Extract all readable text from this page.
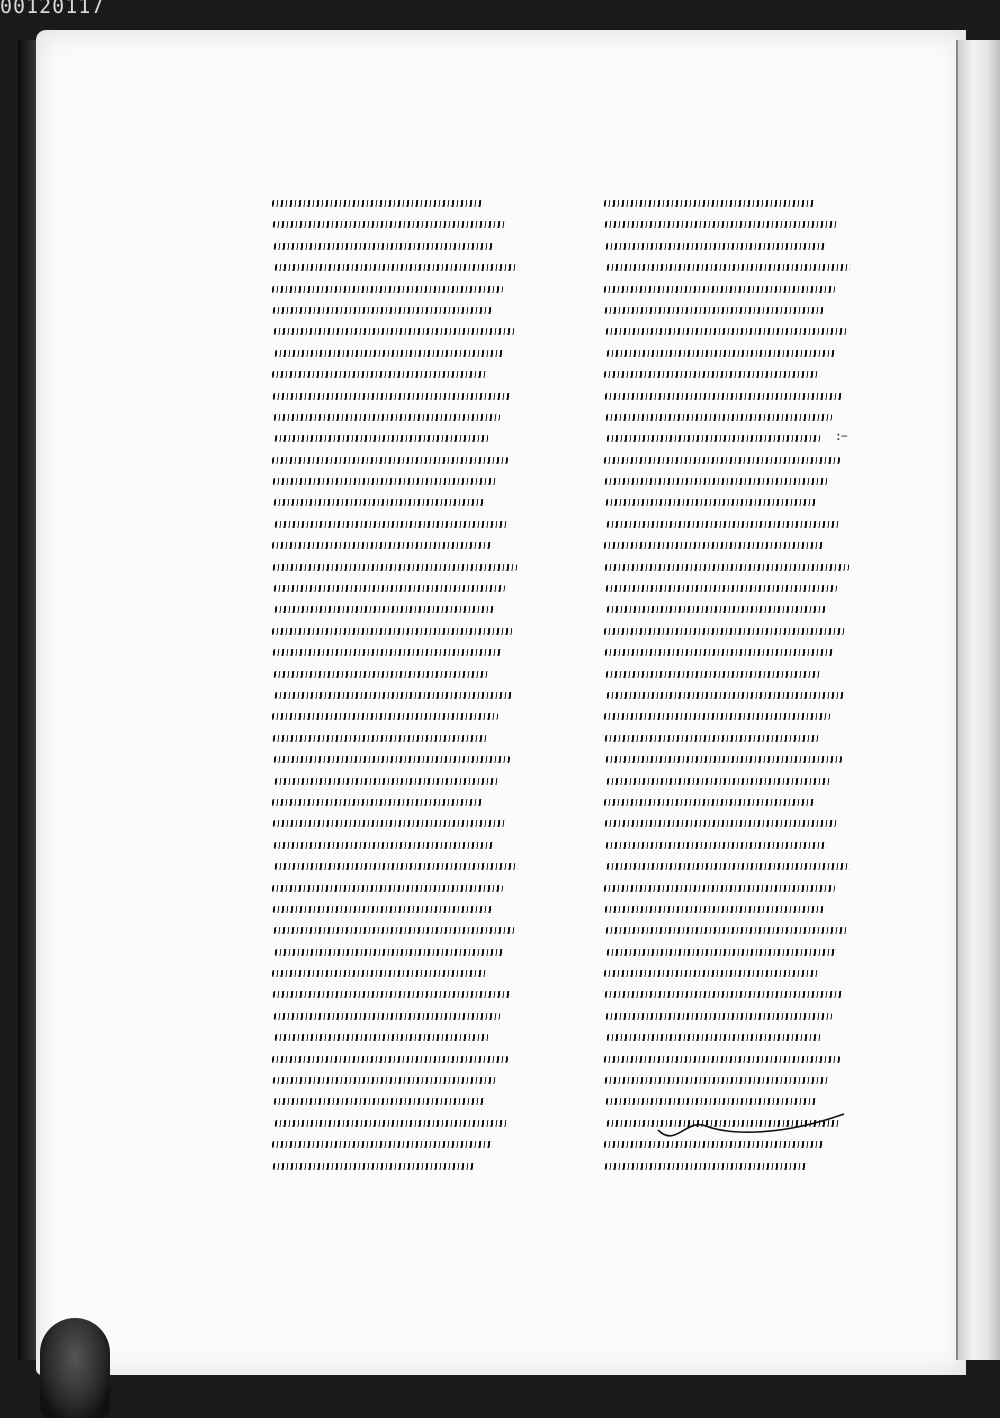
00120117
:–
